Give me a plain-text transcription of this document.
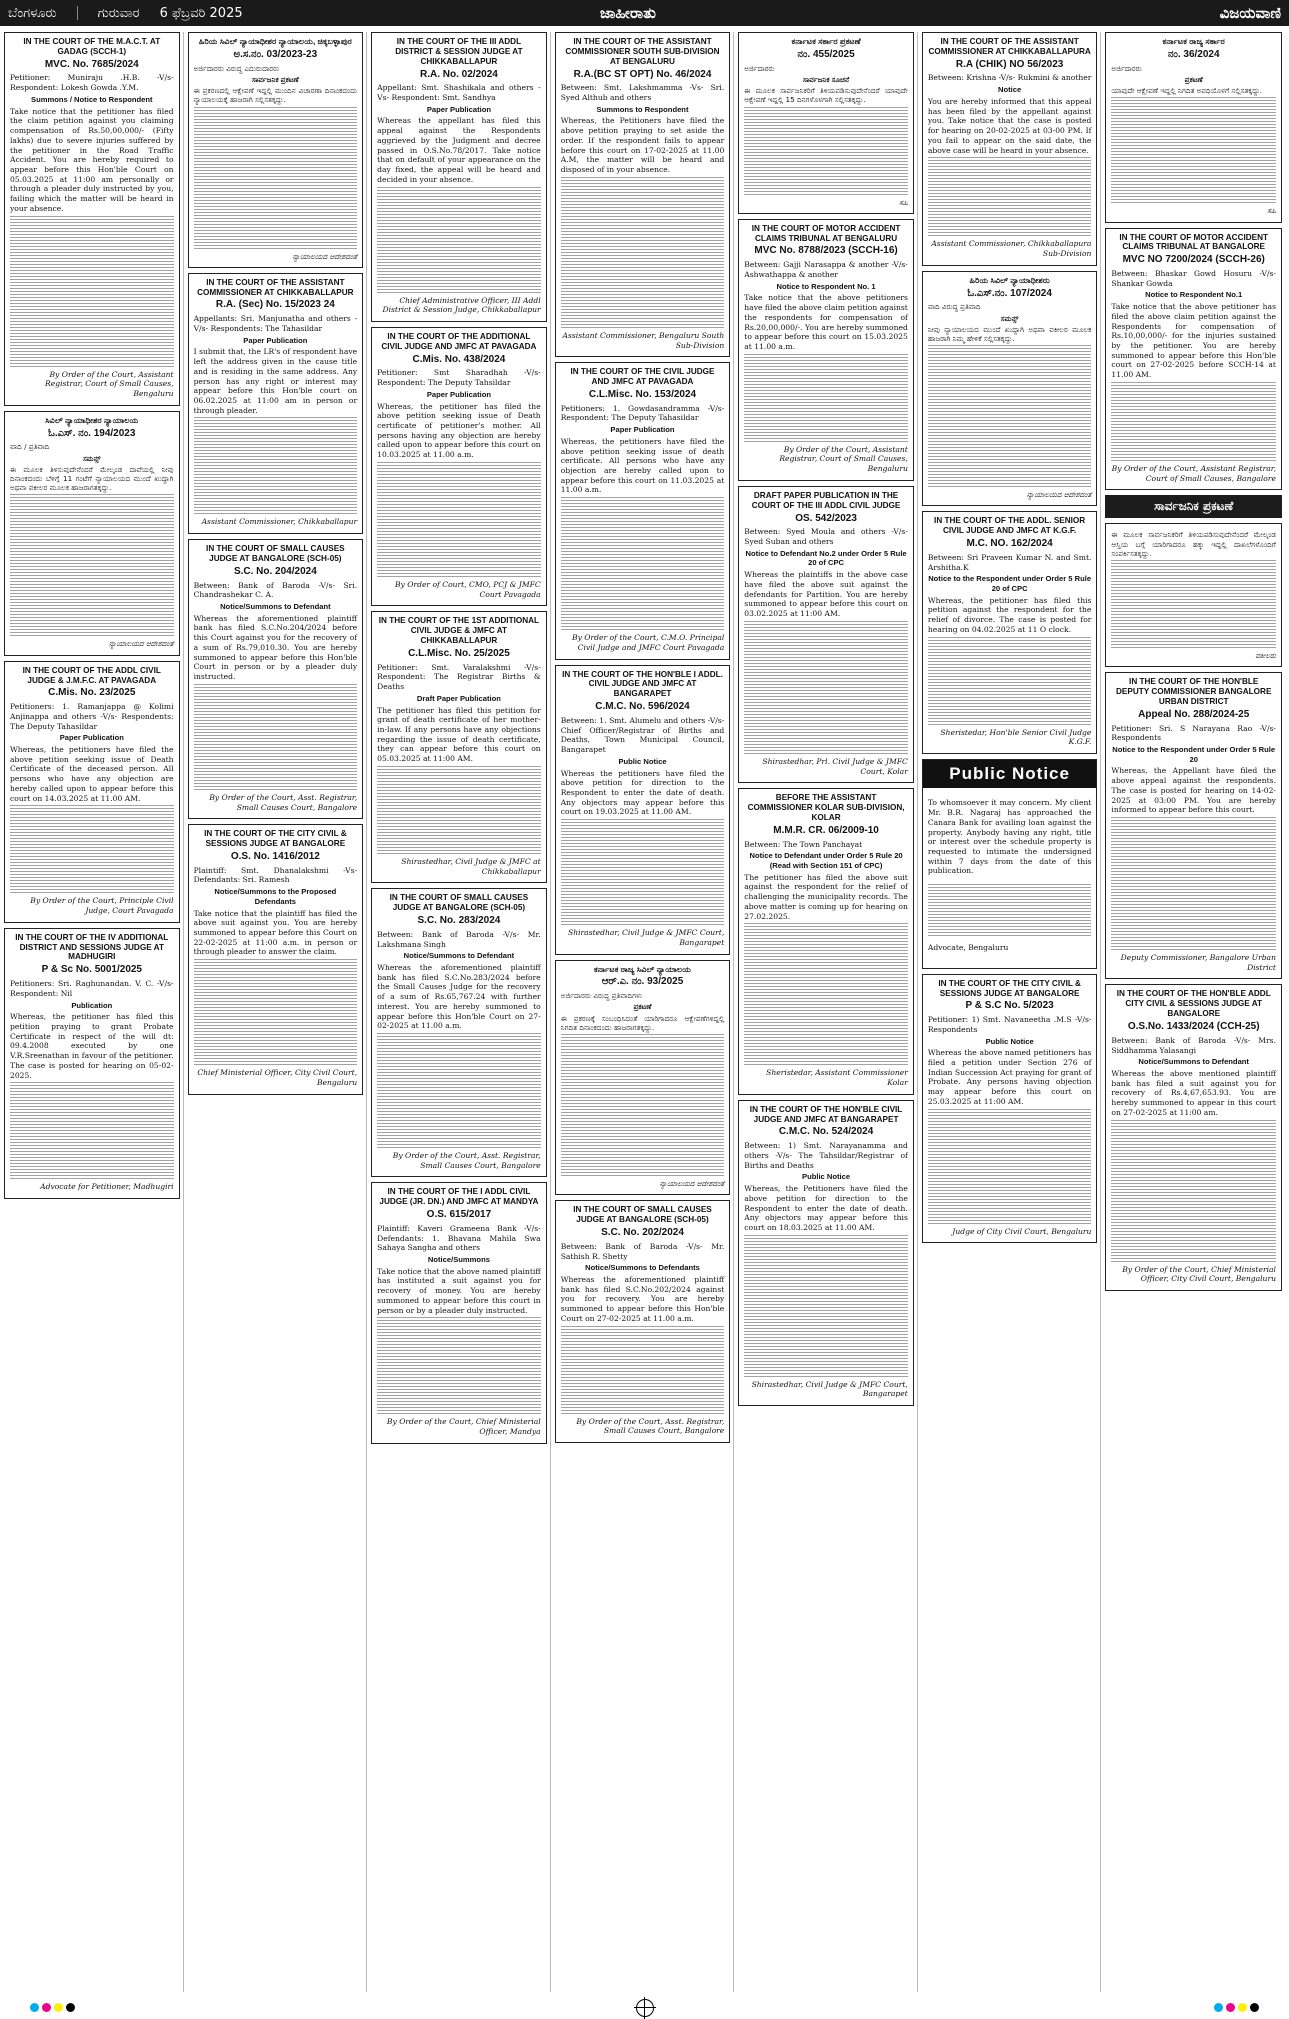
ಬೆಂಗಳೂರು	ಗುರುವಾರ 6 ಫೆಬ್ರವರಿ 2025	ಜಾಹೀರಾತು	ವಿಜಯವಾಣಿ
IN THE COURT OF THE M.A.C.T. AT GADAG (SCCH-1)
MVC. No. 7685/2024

Petitioner: Muniraju .H.B. -V/s- Respondent: Lokesh Gowda .Y.M.

Summons / Notice to Respondent

Take notice that the petitioner has filed the claim petition against you claiming compensation of Rs.50,00,000/- (Fifty lakhs) due to severe injuries suffered by the petitioner in the Road Traffic Accident. You are hereby required to appear before this Hon'ble Court on 05.03.2025 at 11:00 am personally or through a pleader duly instructed by you, failing which the matter will be heard in your absence.

By Order of the Court, Assistant Registrar, Court of Small Causes, Bengaluru

ಸಿವಿಲ್ ನ್ಯಾಯಾಧೀಶರ ನ್ಯಾಯಾಲಯ
ಓ.ಎಸ್. ನಂ. 194/2023

ವಾದಿ / ಪ್ರತಿವಾದಿ

ಸಮನ್ಸ್

ಈ ಮೂಲಕ ತಿಳಿಸುವುದೇನೆಂದರೆ ಮೇಲ್ಕಂಡ ದಾವೆಯಲ್ಲಿ ನೀವು ದಿನಾಂಕದಂದು ಬೆಳಿಗ್ಗೆ 11 ಗಂಟೆಗೆ ನ್ಯಾಯಾಲಯದ ಮುಂದೆ ಖುದ್ದಾಗಿ ಅಥವಾ ವಕೀಲರ ಮೂಲಕ ಹಾಜರಾಗತಕ್ಕದ್ದು.

ನ್ಯಾಯಾಲಯದ ಆದೇಶದಂತೆ

IN THE COURT OF THE ADDL CIVIL JUDGE & J.M.F.C. AT PAVAGADA
C.Mis. No. 23/2025

Petitioners: 1. Ramanjappa @ Kolimi Anjinappa and others -V/s- Respondents: The Deputy Tahasildar

Paper Publication

Whereas, the petitioners have filed the above petition seeking issue of Death Certificate of the deceased person. All persons who have any objection are hereby called upon to appear before this court on 14.03.2025 at 11.00 AM.

By Order of the Court, Principle Civil Judge, Court Pavagada

IN THE COURT OF THE IV ADDITIONAL DISTRICT AND SESSIONS JUDGE AT MADHUGIRI
P & Sc No. 5001/2025

Petitioners: Sri. Raghunandan. V. C. -V/s- Respondent: Nil

Publication

Whereas, the petitioner has filed this petition praying to grant Probate Certificate in respect of the will dt: 09.4.2008 executed by one V.R.Sreenathan in favour of the petitioner. The case is posted for hearing on 05-02-2025.

Advocate for Petitioner, Madhugiri

ಹಿರಿಯ ಸಿವಿಲ್ ನ್ಯಾಯಾಧೀಶರ ನ್ಯಾಯಾಲಯ, ಚಿಕ್ಕಬಳ್ಳಾಪುರ
ಅ.ಸ.ನಂ. 03/2023-23

ಅರ್ಜಿದಾರರು ವಿರುದ್ಧ ಎದುರುದಾರರು

ಸಾರ್ವಜನಿಕ ಪ್ರಕಟಣೆ

ಈ ಪ್ರಕರಣದಲ್ಲಿ ಆಕ್ಷೇಪಣೆ ಇದ್ದಲ್ಲಿ ಮುಂದಿನ ವಿಚಾರಣಾ ದಿನಾಂಕದಂದು ನ್ಯಾಯಾಲಯಕ್ಕೆ ಹಾಜರಾಗಿ ಸಲ್ಲಿಸತಕ್ಕದ್ದು.

ನ್ಯಾಯಾಲಯದ ಆದೇಶದಂತೆ

IN THE COURT OF THE ASSISTANT COMMISSIONER AT CHIKKABALLAPUR
R.A. (Sec) No. 15/2023 24

Appellants: Sri. Manjunatha and others -V/s- Respondents: The Tahasildar

Paper Publication

I submit that, the LR's of respondent have left the address given in the cause title and is residing in the same address. Any person has any right or interest may appear before this Hon'ble court on 06.02.2025 at 11:00 am in person or through pleader.

Assistant Commissioner, Chikkaballapur

IN THE COURT OF SMALL CAUSES JUDGE AT BANGALORE (SCH-05)
S.C. No. 204/2024

Between: Bank of Baroda -V/s- Sri. Chandrashekar C. A.

Notice/Summons to Defendant

Whereas the aforementioned plaintiff bank has filed S.C.No.204/2024 before this Court against you for the recovery of a sum of Rs.79,010.30. You are hereby summoned to appear before this Hon'ble Court in person or by a pleader duly instructed.

By Order of the Court, Asst. Registrar, Small Causes Court, Bangalore

IN THE COURT OF THE CITY CIVIL & SESSIONS JUDGE AT BANGALORE
O.S. No. 1416/2012

Plaintiff: Smt. Dhanalakshmi -Vs- Defendants: Sri. Ramesh

Notice/Summons to the Proposed Defendants

Take notice that the plaintiff has filed the above suit against you. You are hereby summoned to appear before this Court on 22-02-2025 at 11:00 a.m. in person or through pleader to answer the claim.

Chief Ministerial Officer, City Civil Court, Bengaluru

IN THE COURT OF THE III ADDL DISTRICT & SESSION JUDGE AT CHIKKABALLAPUR
R.A. No. 02/2024

Appellant: Smt. Shashikala and others -Vs- Respondent: Smt. Sandhya

Paper Publication

Whereas the appellant has filed this appeal against the Respondents aggrieved by the Judgment and decree passed in O.S.No.78/2017. Take notice that on default of your appearance on the day fixed, the appeal will be heard and decided in your absence.

Chief Administrative Officer, III Addl District & Session Judge, Chikkaballapur

IN THE COURT OF THE ADDITIONAL CIVIL JUDGE AND JMFC AT PAVAGADA
C.Mis. No. 438/2024

Petitioner: Smt Sharadhah -V/s- Respondent: The Deputy Tahsildar

Paper Publication

Whereas, the petitioner has filed the above petition seeking issue of Death certificate of petitioner's mother. All persons having any objection are hereby called upon to appear before this court on 10.03.2025 at 11.00 a.m.

By Order of Court, CMO, PCJ & JMFC Court Pavagada

IN THE COURT OF THE 1ST ADDITIONAL CIVIL JUDGE & JMFC AT CHIKKABALLAPUR
C.L.Misc. No. 25/2025

Petitioner: Smt. Varalakshmi -V/s- Respondent: The Registrar Births & Deaths

Draft Paper Publication

The petitioner has filed this petition for grant of death certificate of her mother-in-law. If any persons have any objections regarding the issue of death certificate, they can appear before this court on 05.03.2025 at 11:00 AM.

Shirastedhar, Civil Judge & JMFC at Chikkaballapur

IN THE COURT OF SMALL CAUSES JUDGE AT BANGALORE (SCH-05)
S.C. No. 283/2024

Between: Bank of Baroda -V/s- Mr. Lakshmana Singh

Notice/Summons to Defendant

Whereas the aforementioned plaintiff bank has filed S.C.No.283/2024 before the Small Causes Judge for the recovery of a sum of Rs.65,767.24 with further interest. You are hereby summoned to appear before this Hon'ble Court on 27-02-2025 at 11.00 a.m.

By Order of the Court, Asst. Registrar, Small Causes Court, Bangalore

IN THE COURT OF THE I ADDL CIVIL JUDGE (JR. DN.) AND JMFC AT MANDYA
O.S. 615/2017

Plaintiff: Kaveri Grameena Bank -V/s- Defendants: 1. Bhavana Mahila Swa Sahaya Sangha and others

Notice/Summons

Take notice that the above named plaintiff has instituted a suit against you for recovery of money. You are hereby summoned to appear before this court in person or by a pleader duly instructed.

By Order of the Court, Chief Ministerial Officer, Mandya

IN THE COURT OF THE ASSISTANT COMMISSIONER SOUTH SUB-DIVISION AT BENGALURU
R.A.(BC ST OPT) No. 46/2024

Between: Smt. Lakshmamma -Vs- Sri. Syed Althub and others

Summons to Respondent

Whereas, the Petitioners have filed the above petition praying to set aside the order. If the respondent fails to appear before this court on 17-02-2025 at 11.00 A.M, the matter will be heard and disposed of in your absence.

Assistant Commissioner, Bengaluru South Sub-Division

IN THE COURT OF THE CIVIL JUDGE AND JMFC AT PAVAGADA
C.L.Misc. No. 153/2024

Petitioners: 1. Gowdasandramma -V/s- Respondent: The Deputy Tahasildar

Paper Publication

Whereas, the petitioners have filed the above petition seeking issue of death certificate. All persons who have any objection are hereby called upon to appear before this court on 11.03.2025 at 11.00 a.m.

By Order of the Court, C.M.O. Principal Civil Judge and JMFC Court Pavagada

IN THE COURT OF THE HON'BLE I ADDL. CIVIL JUDGE AND JMFC AT BANGARAPET
C.M.C. No. 596/2024

Between: 1. Smt. Alumelu and others -V/s- Chief Officer/Registrar of Births and Deaths, Town Municipal Council, Bangarapet

Public Notice

Whereas the petitioners have filed the above petition for direction to the Respondent to enter the date of death. Any objectors may appear before this court on 19.03.2025 at 11.00 AM.

Shirastedhar, Civil Judge & JMFC Court, Bangarapet

ಕರ್ನಾಟಕ ರಾಜ್ಯ ಸಿವಿಲ್ ನ್ಯಾಯಾಲಯ
ಆರ್.ಎ. ನಂ. 93/2025

ಅರ್ಜಿದಾರರು ವಿರುದ್ಧ ಪ್ರತಿವಾದಿಗಳು

ಪ್ರಕಟಣೆ

ಈ ಪ್ರಕರಣಕ್ಕೆ ಸಂಬಂಧಿಸಿದಂತೆ ಯಾರಿಗಾದರೂ ಆಕ್ಷೇಪಣೆಗಳಿದ್ದಲ್ಲಿ ನಿಗದಿತ ದಿನಾಂಕದಂದು ಹಾಜರಾಗತಕ್ಕದ್ದು.

ನ್ಯಾಯಾಲಯದ ಆದೇಶದಂತೆ

IN THE COURT OF SMALL CAUSES JUDGE AT BANGALORE (SCH-05)
S.C. No. 202/2024

Between: Bank of Baroda -V/s- Mr. Sathish R. Shetty

Notice/Summons to Defendants

Whereas the aforementioned plaintiff bank has filed S.C.No.202/2024 against you for recovery. You are hereby summoned to appear before this Hon'ble Court on 27-02-2025 at 11.00 a.m.

By Order of the Court, Asst. Registrar, Small Causes Court, Bangalore

ಕರ್ನಾಟಕ ಸರ್ಕಾರ ಪ್ರಕಟಣೆ
ನಂ. 455/2025

ಅರ್ಜಿದಾರರು

ಸಾರ್ವಜನಿಕ ಸೂಚನೆ

ಈ ಮೂಲಕ ಸಾರ್ವಜನಿಕರಿಗೆ ತಿಳಿಯಪಡಿಸುವುದೇನೆಂದರೆ ಯಾವುದೇ ಆಕ್ಷೇಪಣೆ ಇದ್ದಲ್ಲಿ 15 ದಿನಗಳೊಳಗಾಗಿ ಸಲ್ಲಿಸತಕ್ಕದ್ದು.

ಸಹಿ

IN THE COURT OF MOTOR ACCIDENT CLAIMS TRIBUNAL AT BENGALURU
MVC No. 8788/2023 (SCCH-16)

Between: Gajji Narasappa & another -V/s- Ashwathappa & another

Notice to Respondent No. 1

Take notice that the above petitioners have filed the above claim petition against the respondents for compensation of Rs.20,00,000/-. You are hereby summoned to appear before this court on 15.03.2025 at 11.00 a.m.

By Order of the Court, Assistant Registrar, Court of Small Causes, Bengaluru

DRAFT PAPER PUBLICATION IN THE COURT OF THE III ADDL CIVIL JUDGE
OS. 542/2023

Between: Syed Moula and others -V/s- Syed Suban and others

Notice to Defendant No.2 under Order 5 Rule 20 of CPC

Whereas the plaintiffs in the above case have filed the above suit against the defendants for Partition. You are hereby summoned to appear before this court on 03.02.2025 at 11:00 AM.

Shirastedhar, Prl. Civil Judge & JMFC Court, Kolar

BEFORE THE ASSISTANT COMMISSIONER KOLAR SUB-DIVISION, KOLAR
M.M.R. CR. 06/2009-10

Between: The Town Panchayat

Notice to Defendant under Order 5 Rule 20 (Read with Section 151 of CPC)

The petitioner has filed the above suit against the respondent for the relief of challenging the municipality records. The above matter is coming up for hearing on 27.02.2025.

Sheristedar, Assistant Commissioner Kolar

IN THE COURT OF THE HON'BLE CIVIL JUDGE AND JMFC AT BANGARAPET
C.M.C. No. 524/2024

Between: 1) Smt. Narayanamma and others -V/s- The Tahsildar/Registrar of Births and Deaths

Public Notice

Whereas, the Petitioners have filed the above petition for direction to the Respondent to enter the date of death. Any objectors may appear before this court on 18.03.2025 at 11.00 AM.

Shirastedhar, Civil Judge & JMFC Court, Bangarapet

IN THE COURT OF THE ASSISTANT COMMISSIONER AT CHIKKABALLAPURA
R.A (CHIK) NO 56/2023

Between: Krishna -V/s- Rukmini & another

Notice

You are hereby informed that this appeal has been filed by the appellant against you. Take notice that the case is posted for hearing on 20-02-2025 at 03-00 PM. If you fail to appear on the said date, the above case will be heard in your absence.

Assistant Commissioner, Chikkaballapura Sub-Division

ಹಿರಿಯ ಸಿವಿಲ್ ನ್ಯಾಯಾಧೀಶರು
ಓ.ಎಸ್.ನಂ. 107/2024

ವಾದಿ ವಿರುದ್ಧ ಪ್ರತಿವಾದಿ

ಸಮನ್ಸ್

ನೀವು ನ್ಯಾಯಾಲಯದ ಮುಂದೆ ಖುದ್ದಾಗಿ ಅಥವಾ ವಕೀಲರ ಮೂಲಕ ಹಾಜರಾಗಿ ನಿಮ್ಮ ಹೇಳಿಕೆ ಸಲ್ಲಿಸತಕ್ಕದ್ದು.

ನ್ಯಾಯಾಲಯದ ಆದೇಶದಂತೆ

IN THE COURT OF THE ADDL. SENIOR CIVIL JUDGE AND JMFC AT K.G.F.
M.C. NO. 162/2024

Between: Sri Praveen Kumar N. and Smt. Arshitha.K

Notice to the Respondent under Order 5 Rule 20 of CPC

Whereas, the petitioner has filed this petition against the respondent for the relief of divorce. The case is posted for hearing on 04.02.2025 at 11 O clock.

Sheristedar, Hon'ble Senior Civil Judge K.G.F.

Public Notice

To whomsoever it may concern. My client Mr. B.R. Nagaraj has approached the Canara Bank for availing loan against the property. Anybody having any right, title or interest over the schedule property is requested to intimate the undersigned within 7 days from the date of this publication.

Advocate, Bengaluru

IN THE COURT OF THE CITY CIVIL & SESSIONS JUDGE AT BANGALORE
P & S.C No. 5/2023

Petitioner: 1) Smt. Navaneetha .M.S -V/s- Respondents

Public Notice

Whereas the above named petitioners has filed a petition under Section 276 of Indian Succession Act praying for grant of Probate. Any persons having objection may appear before this court on 25.03.2025 at 11:00 AM.

Judge of City Civil Court, Bengaluru

ಕರ್ನಾಟಕ ರಾಜ್ಯ ಸರ್ಕಾರ
ನಂ. 36/2024

ಅರ್ಜಿದಾರರು

ಪ್ರಕಟಣೆ

ಯಾವುದೇ ಆಕ್ಷೇಪಣೆ ಇದ್ದಲ್ಲಿ ನಿಗದಿತ ಅವಧಿಯೊಳಗೆ ಸಲ್ಲಿಸತಕ್ಕದ್ದು.

ಸಹಿ

IN THE COURT OF MOTOR ACCIDENT CLAIMS TRIBUNAL AT BANGALORE
MVC NO 7200/2024 (SCCH-26)

Between: Bhaskar Gowd Hosuru -V/s- Shankar Gowda

Notice to Respondent No.1

Take notice that the above petitioner has filed the above claim petition against the Respondents for compensation of Rs.10,00,000/- for the injuries sustained by the petitioner. You are hereby summoned to appear before this Hon'ble court on 27-02-2025 before SCCH-14 at 11.00 AM.

By Order of the Court, Assistant Registrar, Court of Small Causes, Bangalore

ಸಾರ್ವಜನಿಕ ಪ್ರಕಟಣೆ

ಈ ಮೂಲಕ ಸಾರ್ವಜನಿಕರಿಗೆ ತಿಳಿಯಪಡಿಸುವುದೇನೆಂದರೆ ಮೇಲ್ಕಂಡ ಆಸ್ತಿಯ ಬಗ್ಗೆ ಯಾರಿಗಾದರೂ ಹಕ್ಕು ಇದ್ದಲ್ಲಿ ದಾಖಲೆಗಳೊಂದಿಗೆ ಸಂಪರ್ಕಿಸತಕ್ಕದ್ದು.

ವಕೀಲರು

IN THE COURT OF THE HON'BLE DEPUTY COMMISSIONER BANGALORE URBAN DISTRICT
Appeal No. 288/2024-25

Petitioner: Sri. S Narayana Rao -V/s- Respondents

Notice to the Respondent under Order 5 Rule 20

Whereas, the Appellant have filed the above appeal against the respondents. The case is posted for hearing on 14-02-2025 at 03:00 PM. You are hereby informed to appear before this court.

Deputy Commissioner, Bangalore Urban District

IN THE COURT OF THE HON'BLE ADDL CITY CIVIL & SESSIONS JUDGE AT BANGALORE
O.S.No. 1433/2024 (CCH-25)

Between: Bank of Baroda -V/s- Mrs. Siddhamma Yalasangi

Notice/Summons to Defendant

Whereas the above mentioned plaintiff bank has filed a suit against you for recovery of Rs.4,67,653.93. You are hereby summoned to appear in this court on 27-02-2025 at 11:00 am.

By Order of the Court, Chief Ministerial Officer, City Civil Court, Bengaluru
